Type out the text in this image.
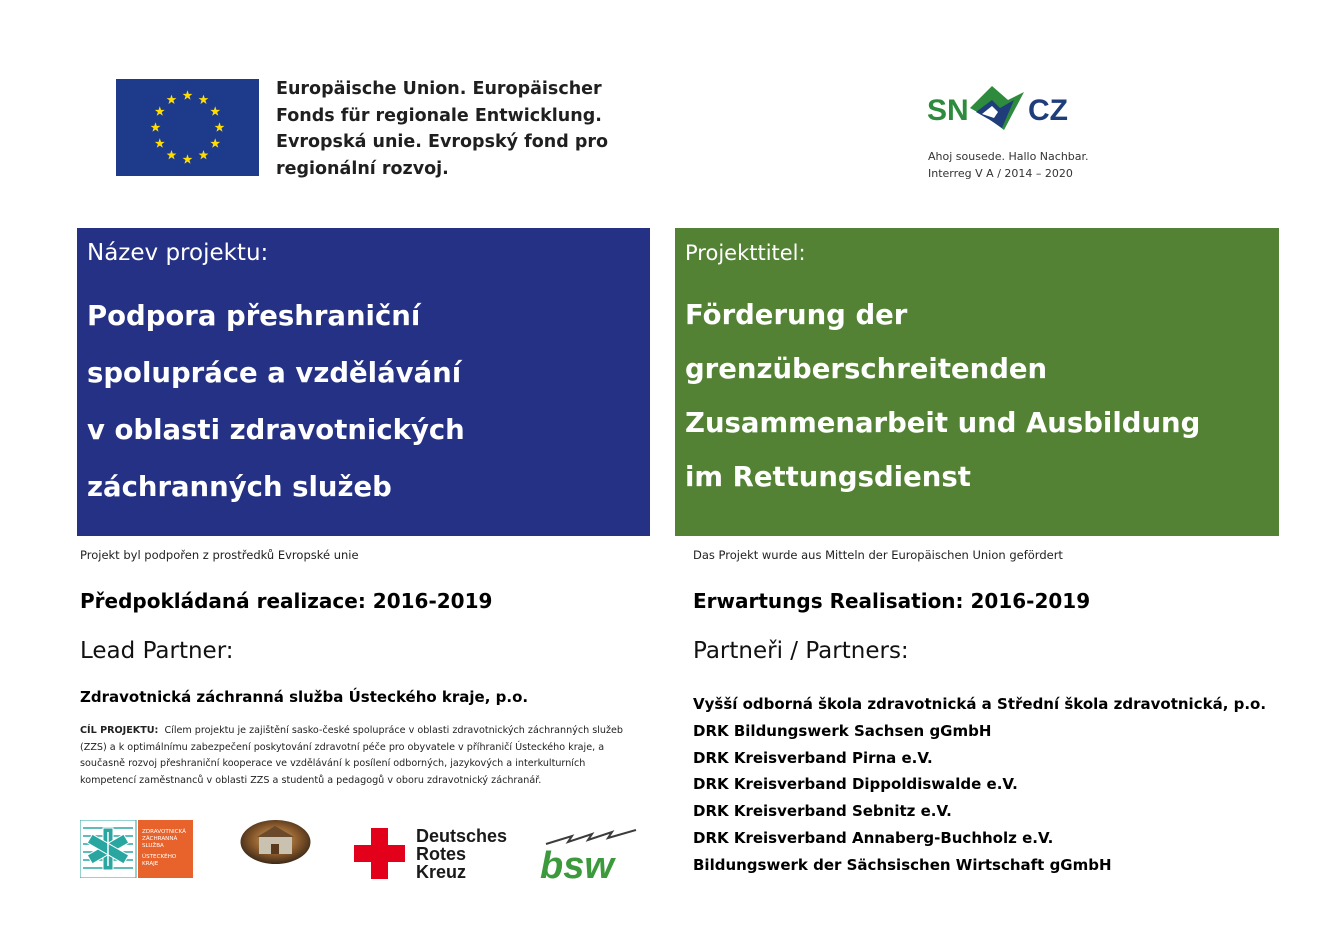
Europäische Union. Europäischer
Fonds für regionale Entwicklung.
Evropská unie. Evropský fond pro
regionální rozvoj.
SN CZ
Ahoj sousede. Hallo Nachbar.
Interreg V A / 2014 – 2020
Název projektu:
Podpora přeshraniční
spolupráce a vzdělávání
v oblasti zdravotnických
záchranných služeb
Projekttitel:
Förderung der
grenzüberschreitenden
Zusammenarbeit und Ausbildung
im Rettungsdienst
Projekt byl podpořen z prostředků Evropské unie	Das Projekt wurde aus Mitteln der Europäischen Union gefördert
Předpokládaná realizace: 2016-2019	Erwartungs Realisation: 2016-2019
Lead Partner:	Partneři / Partners:
Zdravotnická záchranná služba Ústeckého kraje, p.o.
CÍL PROJEKTU: Cílem projektu je zajištění sasko-české spolupráce v oblasti zdravotnických záchranných služeb
(ZZS) a k optimálnímu zabezpečení poskytování zdravotní péče pro obyvatele v příhraničí Ústeckého kraje, a
současně rozvoj přeshraniční kooperace ve vzdělávání k posílení odborných, jazykových a interkulturních
kompetencí zaměstnanců v oblasti ZZS a studentů a pedagogů v oboru zdravotnický záchranář.
Vyšší odborná škola zdravotnická a Střední škola zdravotnická, p.o.
DRK Bildungswerk Sachsen gGmbH
DRK Kreisverband Pirna e.V.
DRK Kreisverband Dippoldiswalde e.V.
DRK Kreisverband Sebnitz e.V.
DRK Kreisverband Annaberg-Buchholz e.V.
Bildungswerk der Sächsischen Wirtschaft gGmbH
ZDRAVOTNICKÁ
ZÁCHRANNÁ
SLUŽBA
ÚSTECKÉHO
KRAJE
Deutsches
Rotes
Kreuz bsw
